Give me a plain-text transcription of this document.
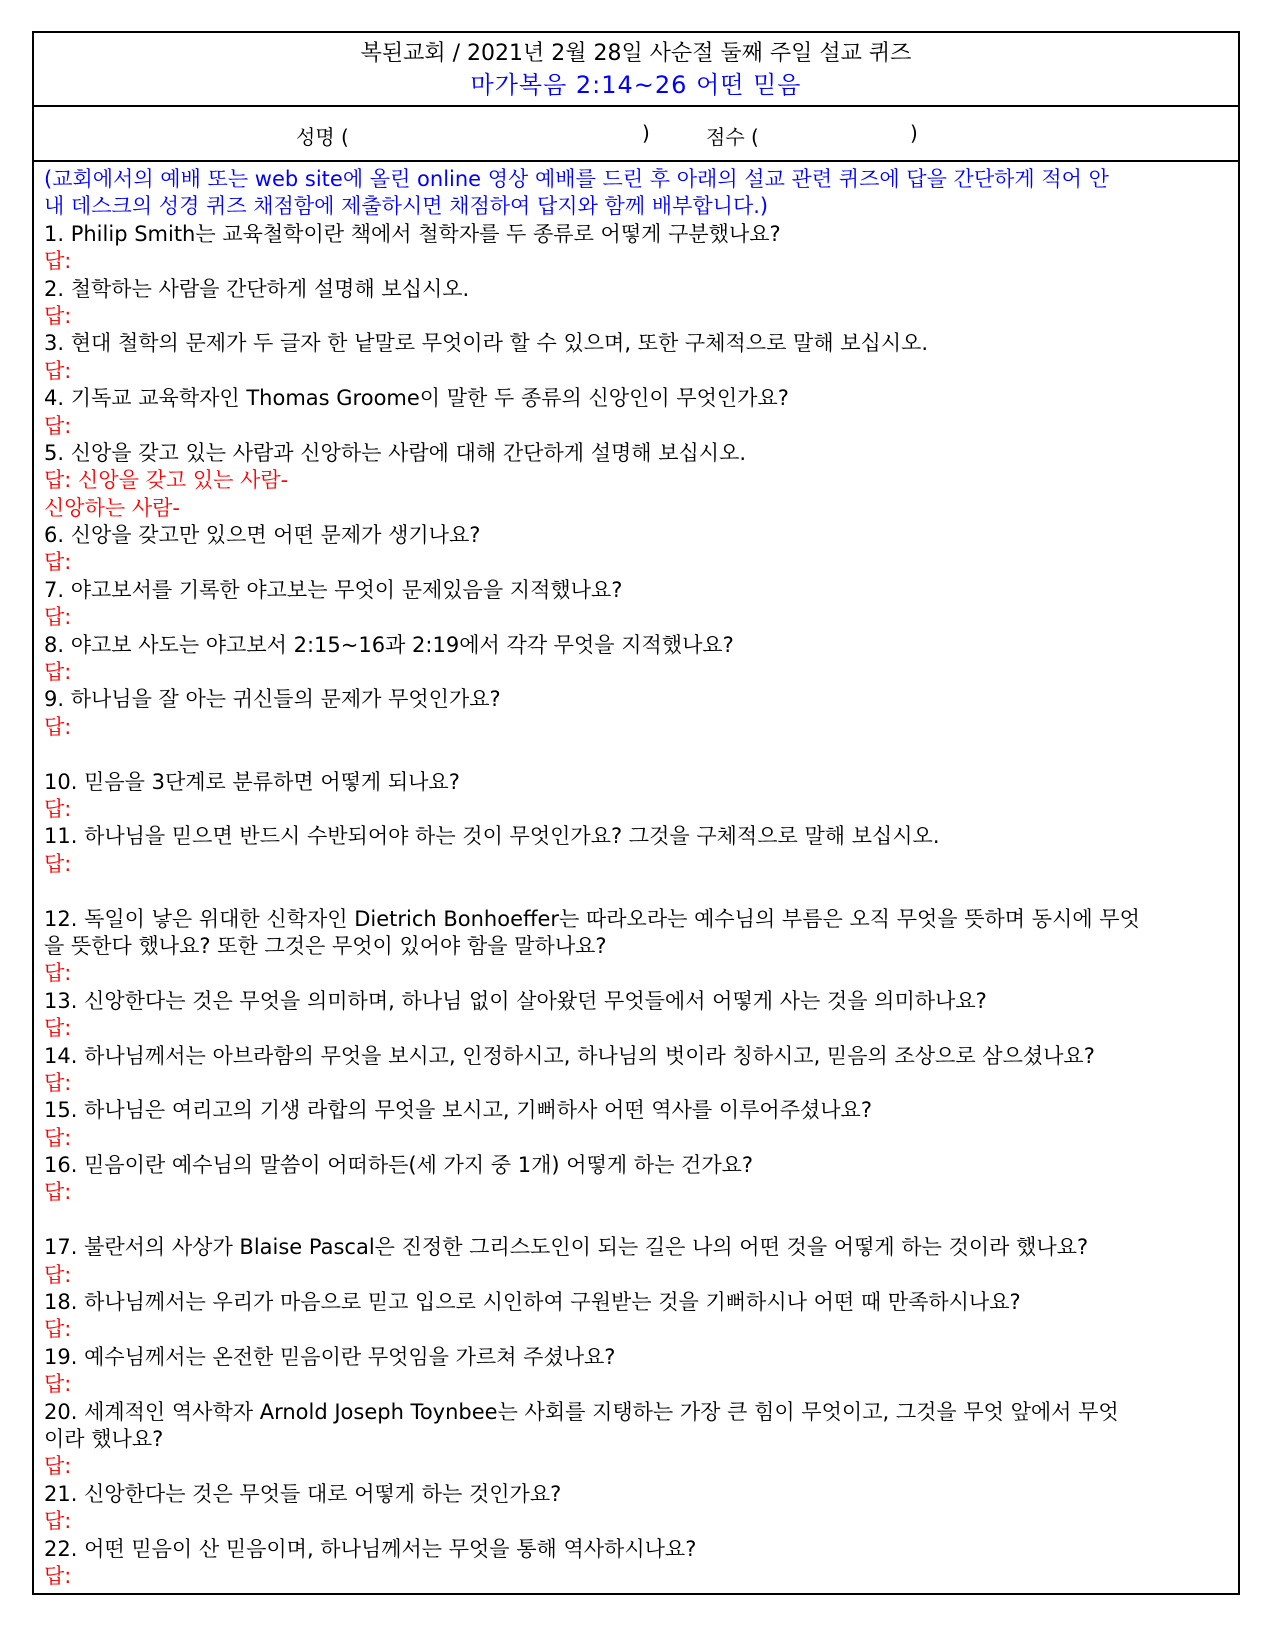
복된교회 / 2021년 2월 28일 사순절 둘째 주일 설교 퀴즈
마가복음 2:14~26 어떤 믿음
성명 (	)	점수 (	)
(교회에서의 예배 또는 web site에 올린 online 영상 예배를 드린 후 아래의 설교 관련 퀴즈에 답을 간단하게 적어 안
내 데스크의 성경 퀴즈 채점함에 제출하시면 채점하여 답지와 함께 배부합니다.)
1. Philip Smith는 교육철학이란 책에서 철학자를 두 종류로 어떻게 구분했나요?
답:
2. 철학하는 사람을 간단하게 설명해 보십시오.
답:
3. 현대 철학의 문제가 두 글자 한 낱말로 무엇이라 할 수 있으며, 또한 구체적으로 말해 보십시오.
답:
4. 기독교 교육학자인 Thomas Groome이 말한 두 종류의 신앙인이 무엇인가요?
답:
5. 신앙을 갖고 있는 사람과 신앙하는 사람에 대해 간단하게 설명해 보십시오.
답: 신앙을 갖고 있는 사람-
신앙하는 사람-
6. 신앙을 갖고만 있으면 어떤 문제가 생기나요?
답:
7. 야고보서를 기록한 야고보는 무엇이 문제있음을 지적했나요?
답:
8. 야고보 사도는 야고보서 2:15~16과 2:19에서 각각 무엇을 지적했나요?
답:
9. 하나님을 잘 아는 귀신들의 문제가 무엇인가요?
답:
10. 믿음을 3단계로 분류하면 어떻게 되나요?
답:
11. 하나님을 믿으면 반드시 수반되어야 하는 것이 무엇인가요? 그것을 구체적으로 말해 보십시오.
답:
12. 독일이 낳은 위대한 신학자인 Dietrich Bonhoeffer는 따라오라는 예수님의 부름은 오직 무엇을 뜻하며 동시에 무엇
을 뜻한다 했나요? 또한 그것은 무엇이 있어야 함을 말하나요?
답:
13. 신앙한다는 것은 무엇을 의미하며, 하나님 없이 살아왔던 무엇들에서 어떻게 사는 것을 의미하나요?
답:
14. 하나님께서는 아브라함의 무엇을 보시고, 인정하시고, 하나님의 벗이라 칭하시고, 믿음의 조상으로 삼으셨나요?
답:
15. 하나님은 여리고의 기생 라합의 무엇을 보시고, 기뻐하사 어떤 역사를 이루어주셨나요?
답:
16. 믿음이란 예수님의 말씀이 어떠하든(세 가지 중 1개) 어떻게 하는 건가요?
답:
17. 불란서의 사상가 Blaise Pascal은 진정한 그리스도인이 되는 길은 나의 어떤 것을 어떻게 하는 것이라 했나요?
답:
18. 하나님께서는 우리가 마음으로 믿고 입으로 시인하여 구원받는 것을 기뻐하시나 어떤 때 만족하시나요?
답:
19. 예수님께서는 온전한 믿음이란 무엇임을 가르쳐 주셨나요?
답:
20. 세계적인 역사학자 Arnold Joseph Toynbee는 사회를 지탱하는 가장 큰 힘이 무엇이고, 그것을 무엇 앞에서 무엇
이라 했나요?
답:
21. 신앙한다는 것은 무엇들 대로 어떻게 하는 것인가요?
답:
22. 어떤 믿음이 산 믿음이며, 하나님께서는 무엇을 통해 역사하시나요?
답:
